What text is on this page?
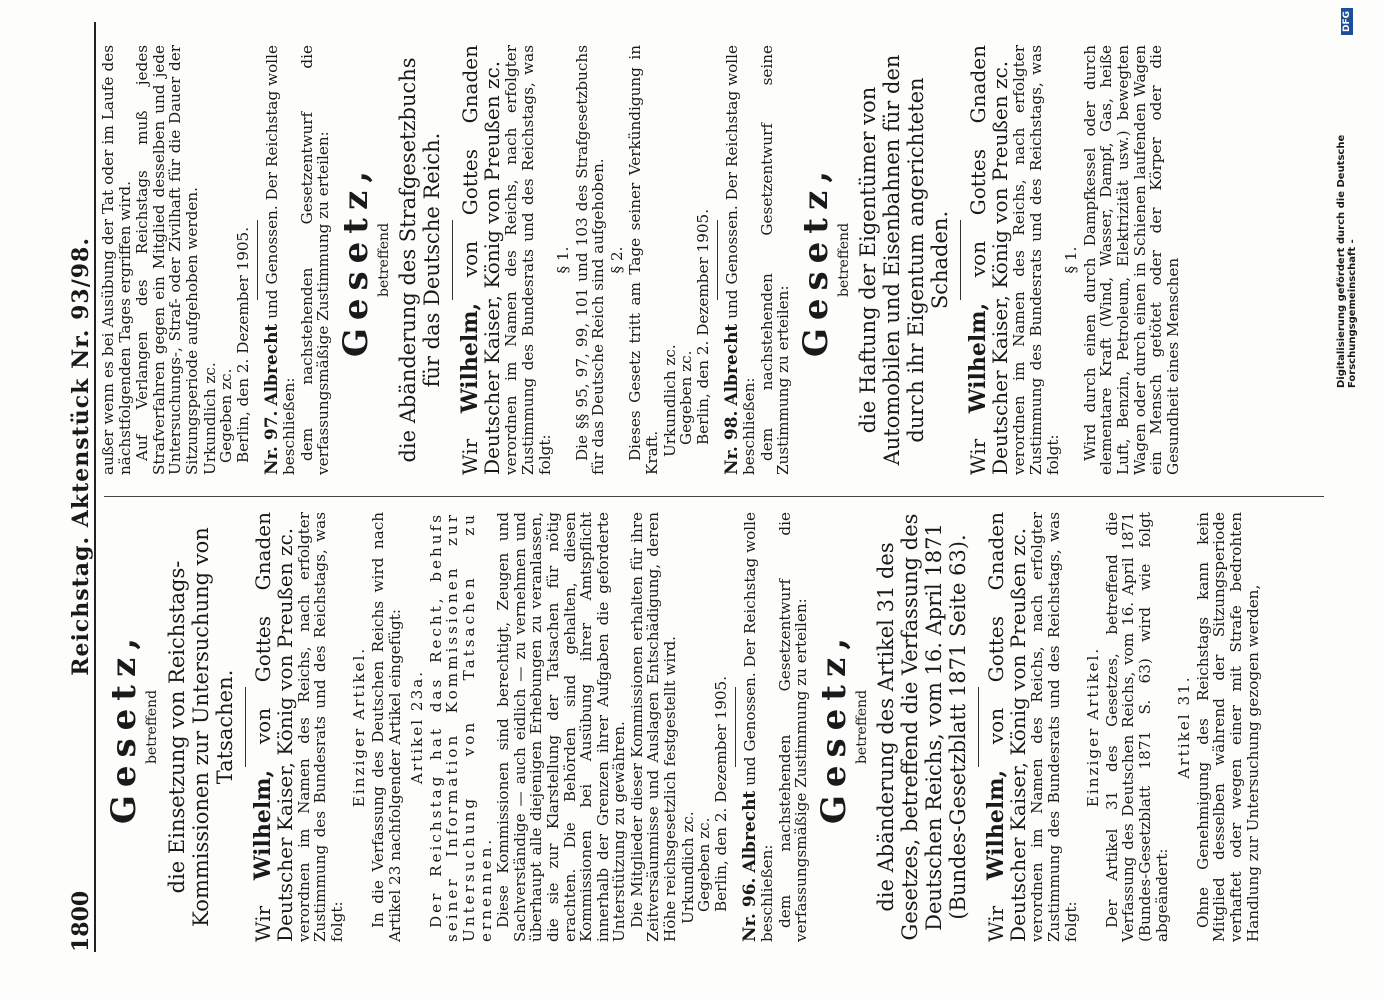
1800
Reichstag. Aktenstück Nr. 93/98.
Gesetz, betreffend die Einsetzung von Reichstags-Kommissionen zur Untersuchung von Tatsachen.

Wir Wilhelm, von Gottes Gnaden Deutscher Kaiser, König von Preußen zc.

verordnen im Namen des Reichs, nach erfolgter Zustimmung des Bundesrats und des Reichstags, was folgt:

Einziger Artikel. In die Verfassung des Deutschen Reichs wird nach Artikel 23 nachfolgender Artikel eingefügt: Artikel 23a. Der Reichstag hat das Recht, behufs seiner Information Kommissionen zur Untersuchung von Tatsachen zu ernennen. Diese Kommissionen sind berechtigt, Zeugen und Sachverständige — auch eidlich — zu vernehmen und überhaupt alle diejenigen Erhebungen zu veranlassen, die sie zur Klarstellung der Tatsachen für nötig erachten. Die Behörden sind gehalten, diesen Kommissionen bei Ausübung ihrer Amtspflicht innerhalb der Grenzen ihrer Aufgaben die geforderte Unterstützung zu gewähren. Die Mitglieder dieser Kommissionen erhalten für ihre Zeitversäumnisse und Auslagen Entschädigung, deren Höhe reichsgesetzlich festgestellt wird. Urkundlich zc.

Gegeben zc.

Berlin, den 2. Dezember 1905. Nr. 96. Albrecht und Genossen. Der Reichstag wolle beschließen: dem nachstehenden Gesetzentwurf die verfassungsmäßige Zustimmung zu erteilen: Gesetz, betreffend die Abänderung des Artikel 31 des Gesetzes, betreffend die Verfassung des Deutschen Reichs, vom 16. April 1871 (Bundes-Gesetzblatt 1871 Seite 63). Wir Wilhelm, von Gottes Gnaden Deutscher Kaiser, König von Preußen zc.

verordnen im Namen des Reichs, nach erfolgter Zustimmung des Bundesrats und des Reichstags, was folgt:

Einziger Artikel. Der Artikel 31 des Gesetzes, betreffend die Verfassung des Deutschen Reichs, vom 16. April 1871 (Bundes-Gesetzblatt 1871 S. 63) wird wie folgt abgeändert:

Artikel 31. Ohne Genehmigung des Reichstags kann kein Mitglied desselben während der Sitzungsperiode verhaftet oder wegen einer mit Strafe bedrohten Handlung zur Untersuchung gezogen werden,

außer wenn es bei Ausübung der Tat oder im Laufe des nächstfolgenden Tages ergriffen wird. Auf Verlangen des Reichstags muß jedes Strafverfahren gegen ein Mitglied desselben und jede Untersuchungs-, Straf- oder Zivilhaft für die Dauer der Sitzungsperiode aufgehoben werden. Urkundlich zc.

Gegeben zc.

Berlin, den 2. Dezember 1905. Nr. 97. Albrecht und Genossen. Der Reichstag wolle beschließen: dem nachstehenden Gesetzentwurf die verfassungsmäßige Zustimmung zu erteilen: Gesetz, betreffend die Abänderung des Strafgesetzbuchs für das Deutsche Reich.

Wir Wilhelm, von Gottes Gnaden Deutscher Kaiser, König von Preußen zc.

verordnen im Namen des Reichs, nach erfolgter Zustimmung des Bundesrats und des Reichstags, was folgt:

§ 1. Die §§ 95, 97, 99, 101 und 103 des Strafgesetzbuchs für das Deutsche Reich sind aufgehoben. § 2. Dieses Gesetz tritt am Tage seiner Verkündigung in Kraft. Urkundlich zc.

Gegeben zc.

Berlin, den 2. Dezember 1905. Nr. 98. Albrecht und Genossen. Der Reichstag wolle beschließen: dem nachstehenden Gesetzentwurf seine Zustimmung zu erteilen:

Gesetz, betreffend die Haftung der Eigentümer von Automobilen und Eisenbahnen für den durch ihr Eigentum angerichteten Schaden.

Wir Wilhelm, von Gottes Gnaden Deutscher Kaiser, König von Preußen zc.

verordnen im Namen des Reichs, nach erfolgter Zustimmung des Bundesrats und des Reichstags, was folgt:

§ 1. Wird durch einen durch Dampfkessel oder durch elementare Kraft (Wind, Wasser, Dampf, Gas, heiße Luft, Benzin, Petroleum, Elektrizität usw.) bewegten Wagen oder durch einen in Schienen laufenden Wagen ein Mensch getötet oder der Körper oder die Gesundheit eines Menschen	Digitalisierung gefördert durch die Deutsche Forschungsgemeinschaft -
DFG
